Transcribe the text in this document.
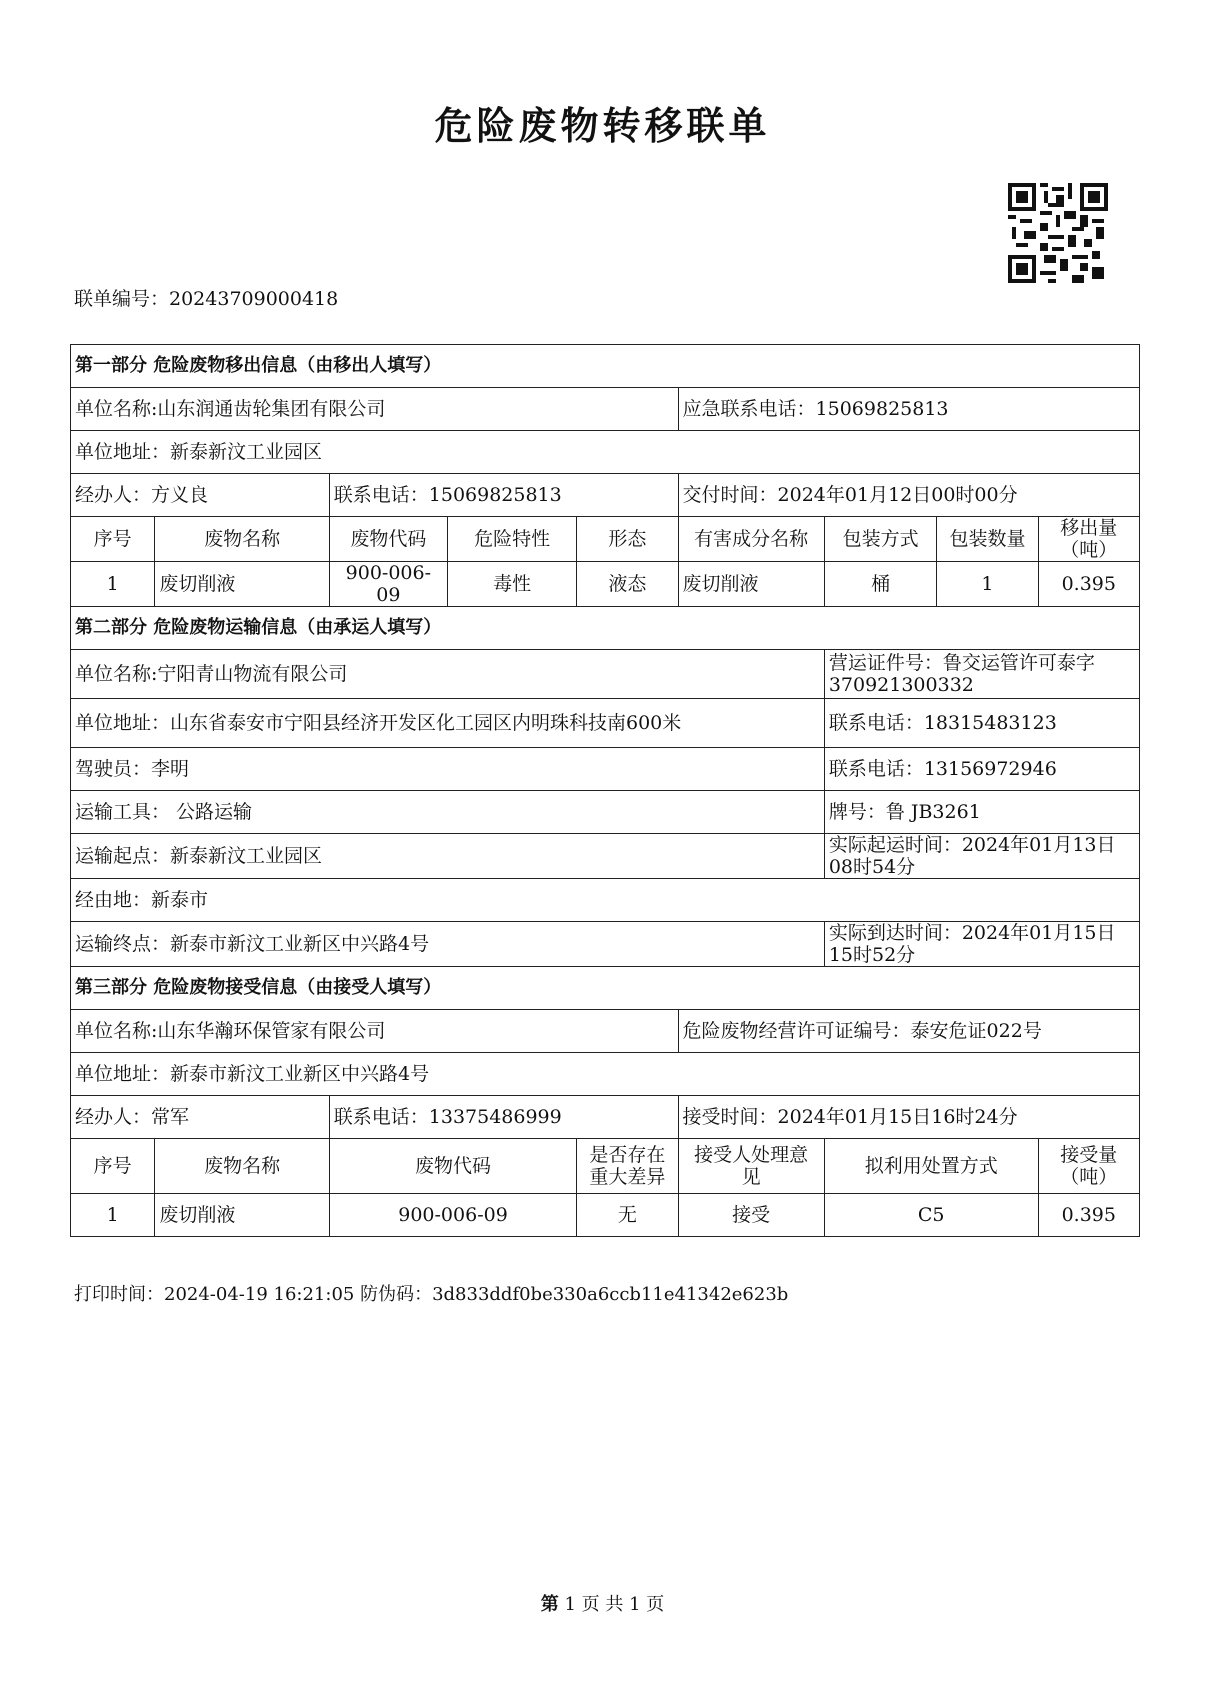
危险废物转移联单
联单编号：20243709000418
第一部分 危险废物移出信息（由移出人填写）								
单位名称:山东润通齿轮集团有限公司					应急联系电话：15069825813			
单位地址：新泰新汶工业园区								
经办人：方义良		联系电话：15069825813			交付时间：2024年01月12日00时00分			
序号	废物名称	废物代码	危险特性	形态	有害成分名称	包装方式	包装数量	移出量（吨）
1	废切削液	900-006-09	毒性	液态	废切削液	桶	1	0.395
第二部分 危险废物运输信息（由承运人填写）								
单位名称:宁阳青山物流有限公司						营运证件号：鲁交运管许可泰字370921300332		
单位地址：山东省泰安市宁阳县经济开发区化工园区内明珠科技南600米						联系电话：18315483123		
驾驶员：李明						联系电话：13156972946		
运输工具： 公路运输						牌号：鲁 JB3261		
运输起点：新泰新汶工业园区						实际起运时间：2024年01月13日08时54分		
经由地：新泰市								
运输终点：新泰市新汶工业新区中兴路4号						实际到达时间：2024年01月15日15时52分		
第三部分 危险废物接受信息（由接受人填写）								
单位名称:山东华瀚环保管家有限公司					危险废物经营许可证编号：泰安危证022号			
单位地址：新泰市新汶工业新区中兴路4号								
经办人：常军		联系电话：13375486999			接受时间：2024年01月15日16时24分			
序号	废物名称	废物代码		是否存在重大差异	接受人处理意见	拟利用处置方式		接受量（吨）
1	废切削液	900-006-09		无	接受	C5		0.395
打印时间：2024-04-19 16:21:05 防伪码：3d833ddf0be330a6ccb11e41342e623b
第 1 页 共 1 页
